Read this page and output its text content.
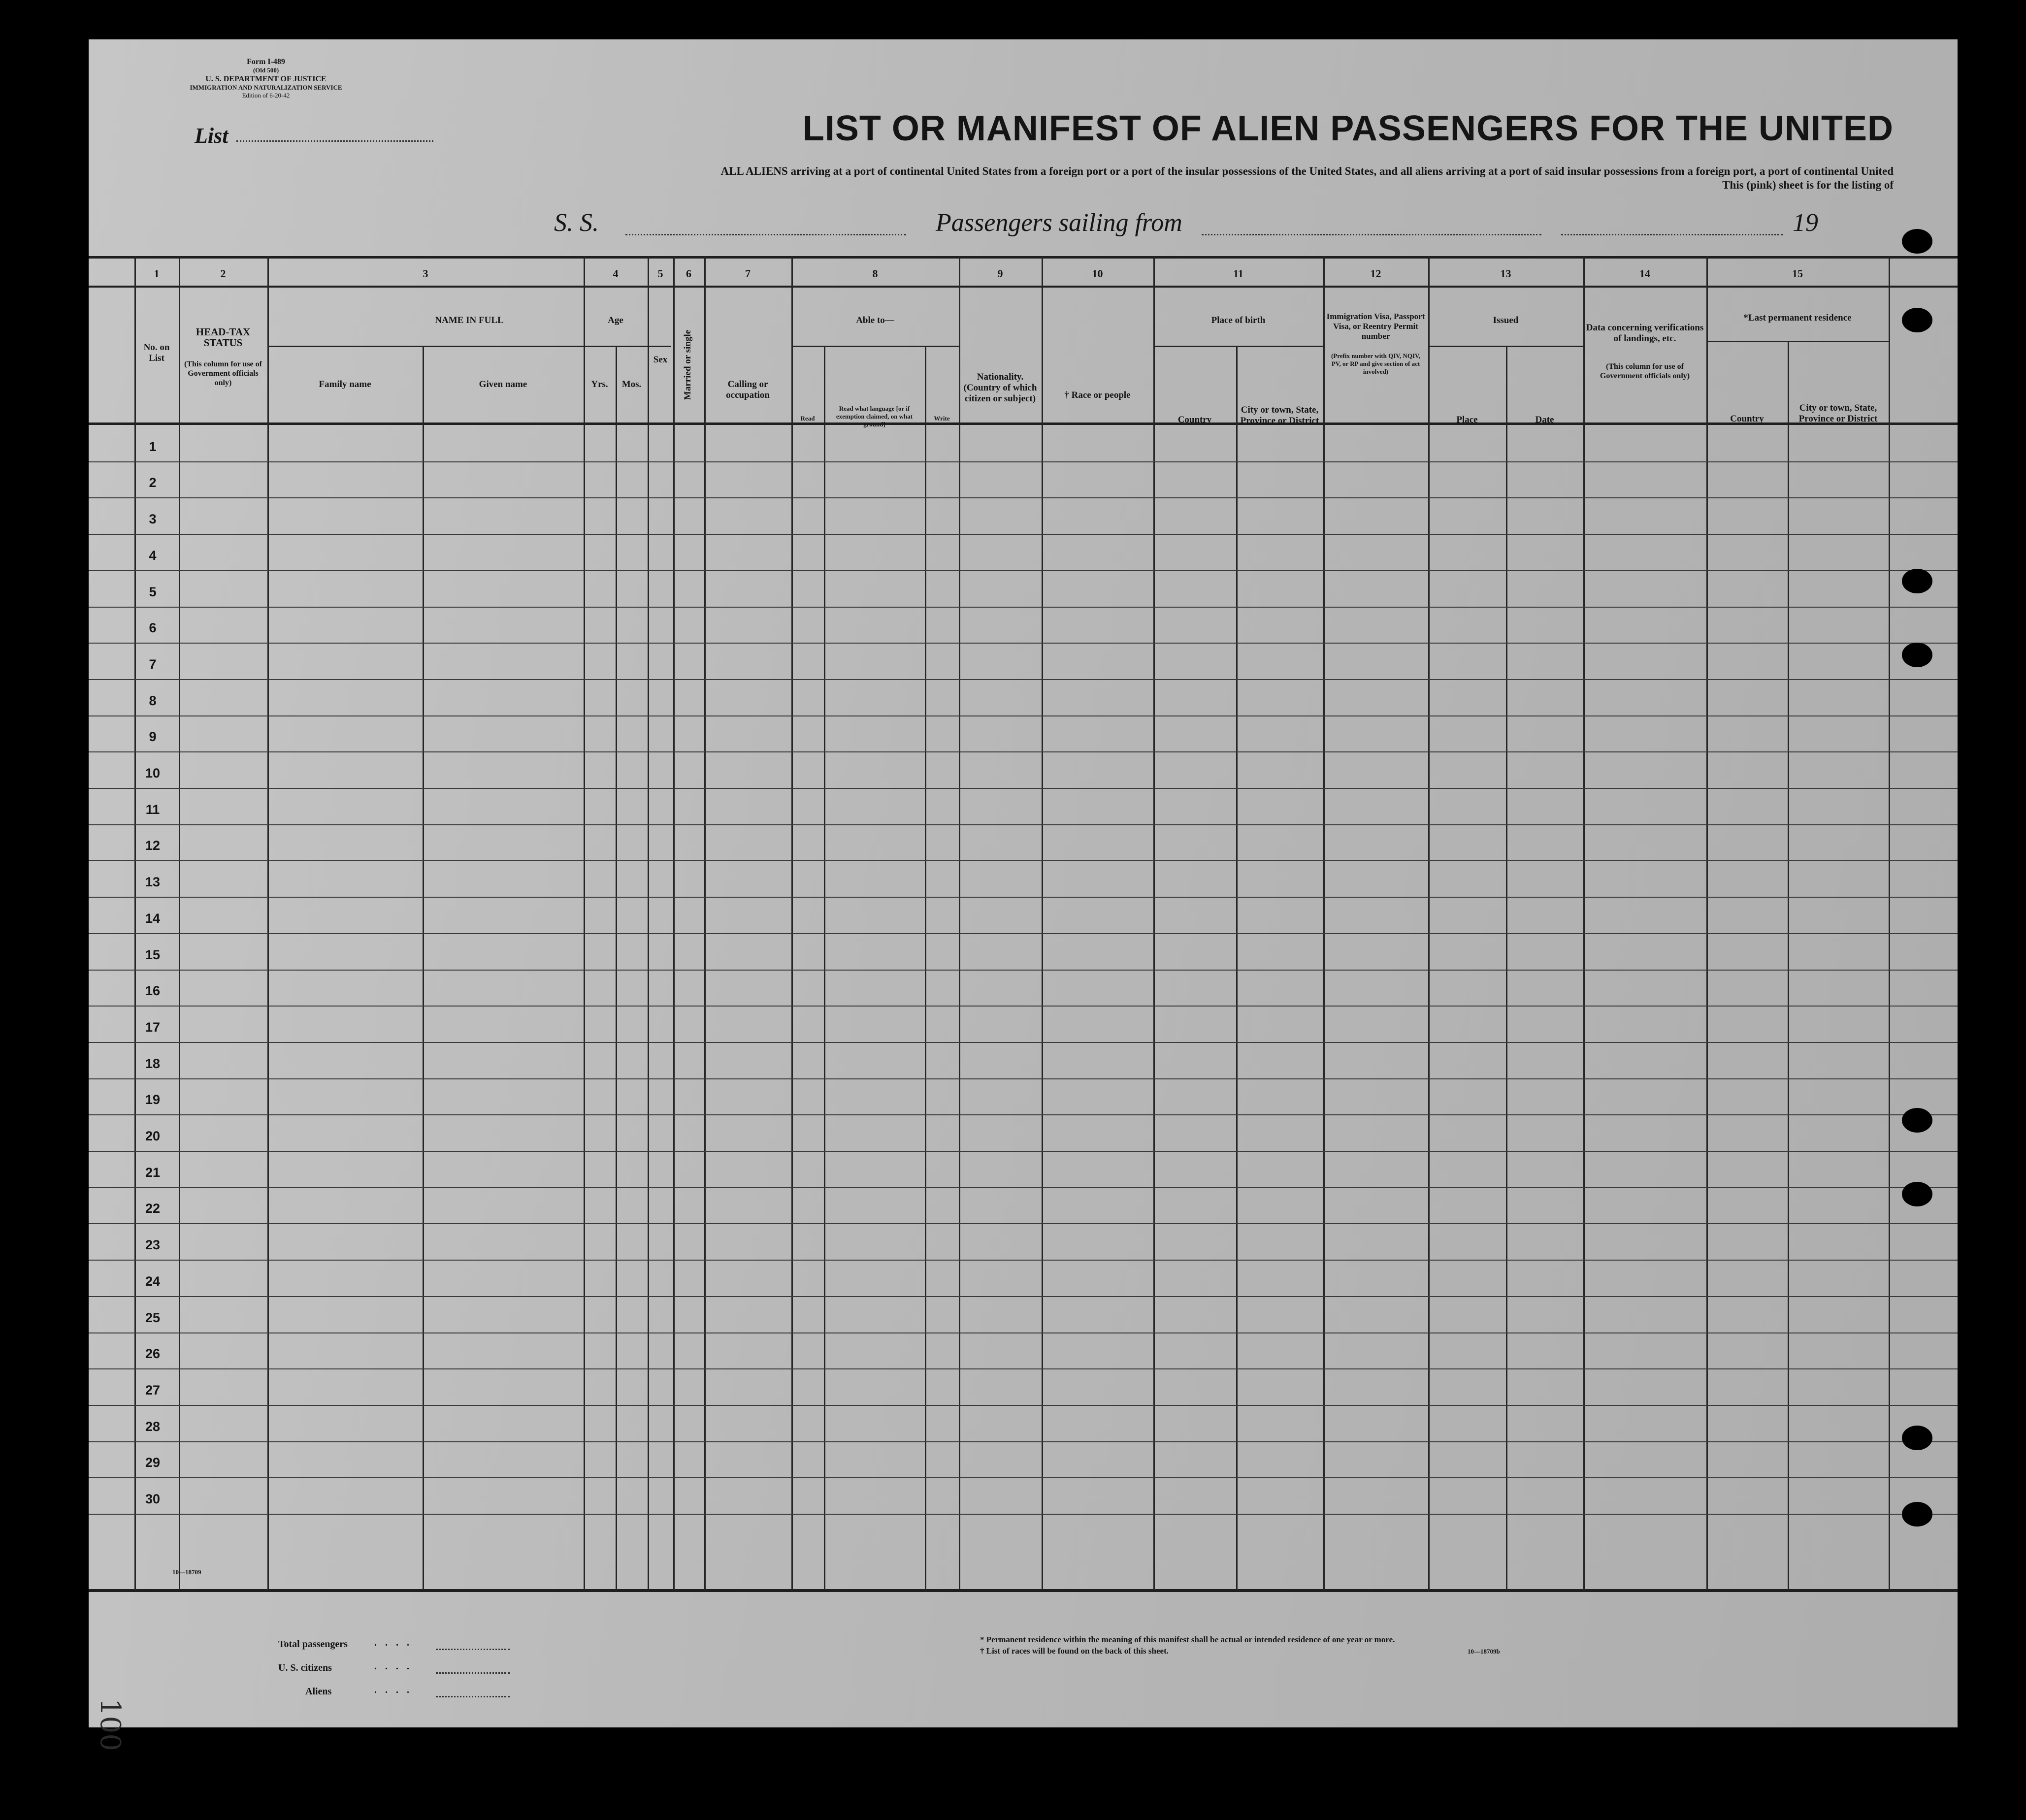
Form I-489
(Old 500)
U. S. DEPARTMENT OF JUSTICE
IMMIGRATION AND NATURALIZATION SERVICE
Edition of 6-20-42
List	LIST OR MANIFEST OF ALIEN PASSENGERS FOR THE UNITED
ALL ALIENS arriving at a port of continental United States from a foreign port or a port of the insular possessions of the United States, and all aliens arriving at a port of said insular possessions from a foreign port, a port of continental United
This (pink) sheet is for the listing of
S. S.	Passengers sailing from	19
1	2	3	4	5	6	7	8	9	10	11	12	13	14	15
No. on List
HEAD-TAX STATUS
(This column for use of Government officials only)
NAME IN FULL
Family name	Given name
Age
Yrs.	Mos.
Sex	Married or single	Calling or occupation
Able to—
Read
Read what language [or if exemption claimed, on what ground]
Write
Nationality. (Country of which citizen or subject)	† Race or people
Place of birth
Country
City or town, State, Province or District
Immigration Visa, Passport Visa, or Reentry Permit number
(Prefix number with QIV, NQIV, PV, or RP and give section of act involved)
Issued
Place	Date
Data concerning verifications of landings, etc.
(This column for use of Government officials only)
*Last permanent residence
Country
City or town, State, Province or District
1
2
3
4
5
6
7
8
9
10
11
12
13
14
15
16
17
18
19
20
21
22
23
24
25
26
27
28
29
30
10—18709
Total passengers	. . . .
U. S. citizens	. . . .
Aliens	. . . .
* Permanent residence within the meaning of this manifest shall be actual or intended residence of one year or more.
† List of races will be found on the back of this sheet.	10—18709b
100
